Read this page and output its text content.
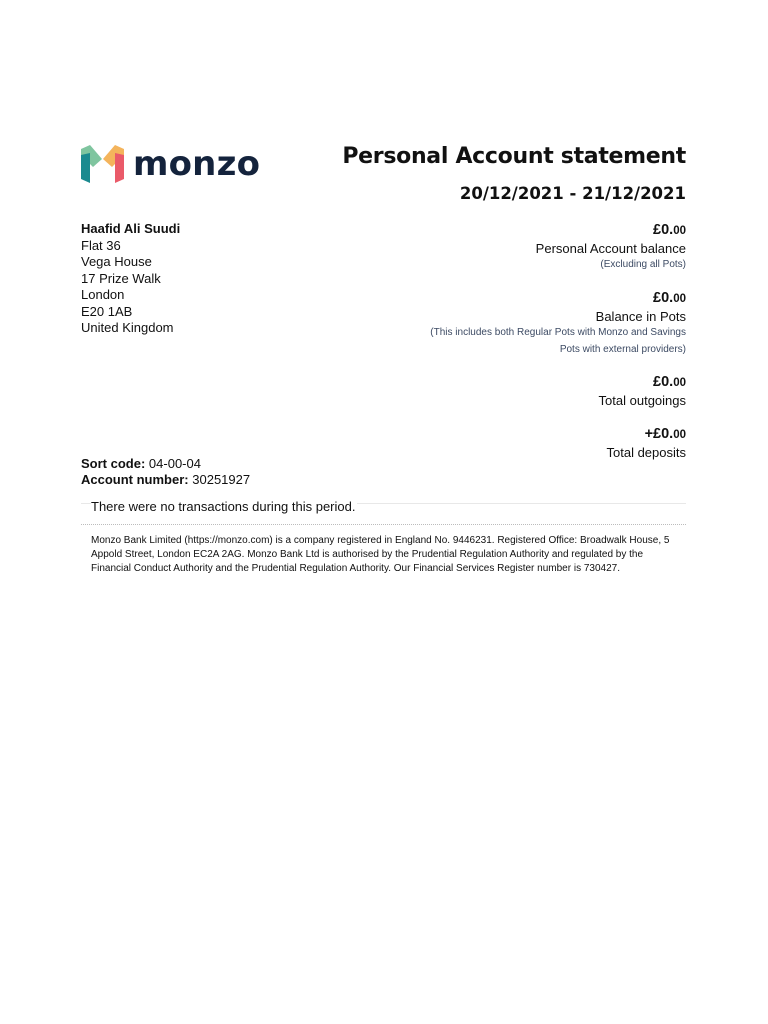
monzo	Personal Account statement
20/12/2021 - 21/12/2021
Haafid Ali Suudi
Flat 36
Vega House
17 Prize Walk
London
E20 1AB
United Kingdom
£0.00
Personal Account balance
(Excluding all Pots)
£0.00
Balance in Pots
(This includes both Regular Pots with Monzo and Savings
Pots with external providers)
£0.00
Total outgoings
+£0.00
Total deposits
Sort code: 04-00-04
Account number: 30251927
There were no transactions during this period.
Monzo Bank Limited (https://monzo.com) is a company registered in England No. 9446231. Registered Office: Broadwalk House, 5 Appold Street, London EC2A 2AG. Monzo Bank Ltd is authorised by the Prudential Regulation Authority and regulated by the Financial Conduct Authority and the Prudential Regulation Authority. Our Financial Services Register number is 730427.
